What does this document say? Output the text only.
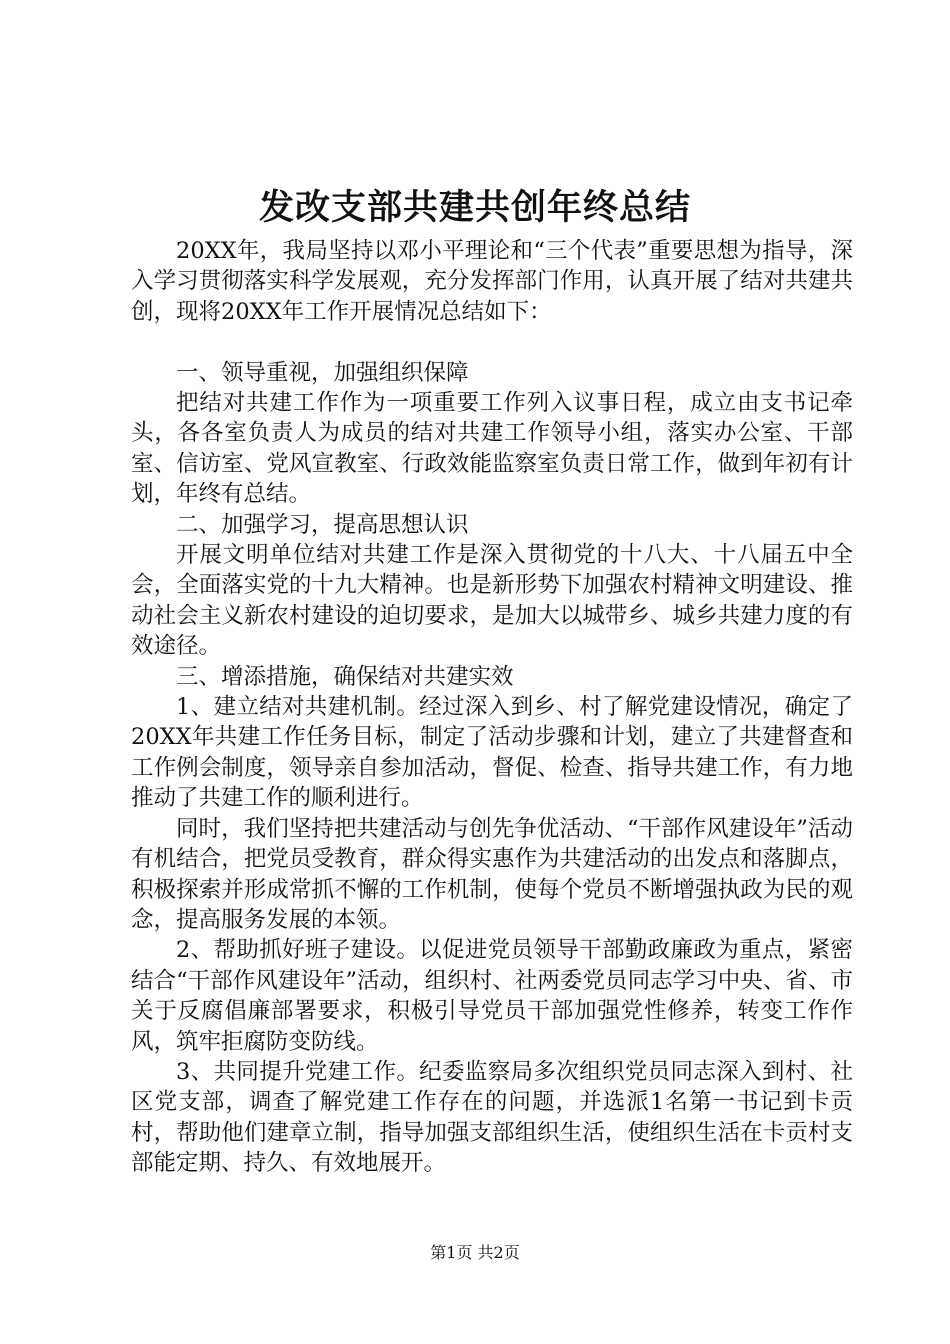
发改支部共建共创年终总结

20XX年，我局坚持以邓小平理论和“三个代表”重要思想为指导，深入学习贯彻落实科学发展观，充分发挥部门作用，认真开展了结对共建共创，现将20XX年工作开展情况总结如下：

一、领导重视，加强组织保障

把结对共建工作作为一项重要工作列入议事日程，成立由支书记牵头，各各室负责人为成员的结对共建工作领导小组，落实办公室、干部室、信访室、党风宣教室、行政效能监察室负责日常工作，做到年初有计划，年终有总结。

二、加强学习，提高思想认识

开展文明单位结对共建工作是深入贯彻党的十八大、十八届五中全会，全面落实党的十九大精神。也是新形势下加强农村精神文明建设、推动社会主义新农村建设的迫切要求，是加大以城带乡、城乡共建力度的有效途径。

三、增添措施，确保结对共建实效

1、建立结对共建机制。经过深入到乡、村了解党建设情况，确定了20XX年共建工作任务目标，制定了活动步骤和计划，建立了共建督查和工作例会制度，领导亲自参加活动，督促、检查、指导共建工作，有力地推动了共建工作的顺利进行。

同时，我们坚持把共建活动与创先争优活动、“干部作风建设年”活动有机结合，把党员受教育，群众得实惠作为共建活动的出发点和落脚点，积极探索并形成常抓不懈的工作机制，使每个党员不断增强执政为民的观念，提高服务发展的本领。

2、帮助抓好班子建设。以促进党员领导干部勤政廉政为重点，紧密结合“干部作风建设年”活动，组织村、社两委党员同志学习中央、省、市关于反腐倡廉部署要求，积极引导党员干部加强党性修养，转变工作作风，筑牢拒腐防变防线。

3、共同提升党建工作。纪委监察局多次组织党员同志深入到村、社区党支部，调查了解党建工作存在的问题，并选派1名第一书记到卡贡村，帮助他们建章立制，指导加强支部组织生活，使组织生活在卡贡村支部能定期、持久、有效地展开。

第1页 共2页
